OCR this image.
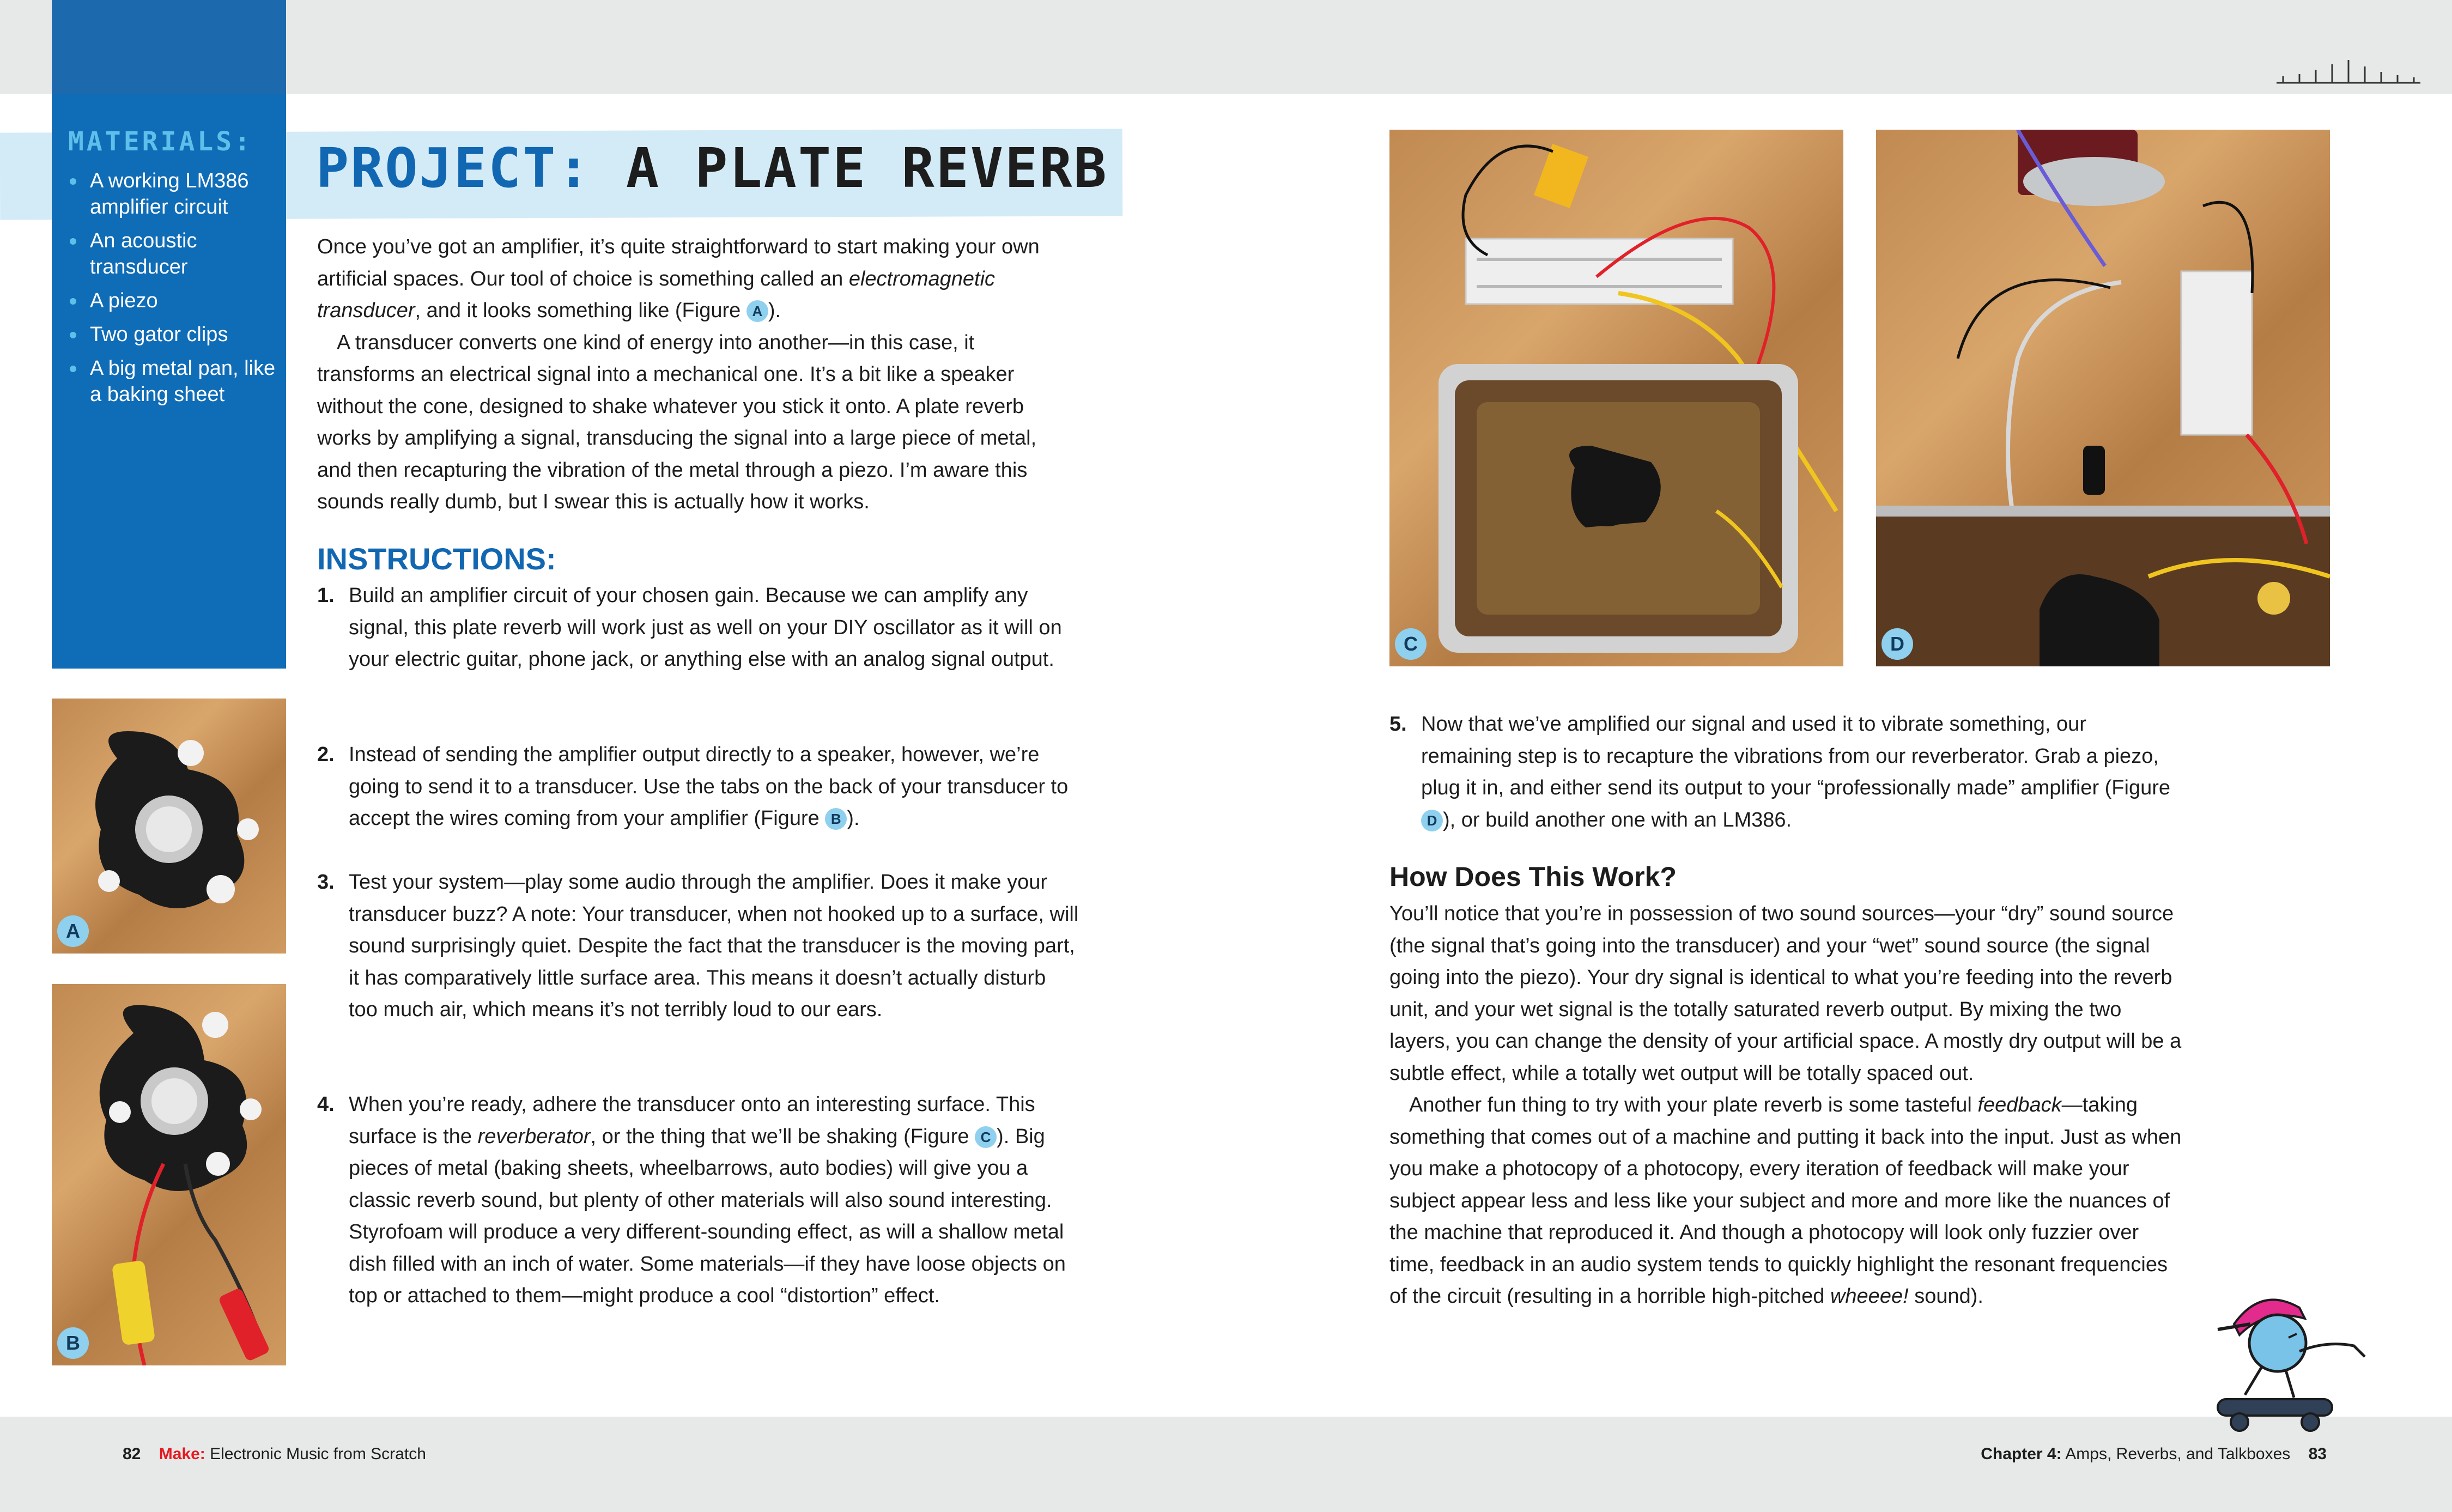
MATERIALS:
A working LM386 amplifier circuit
An acoustic transducer
A piezo
Two gator clips
A big metal pan, like a baking sheet
PROJECT: A PLATE REVERB

Once you’ve got an amplifier, it’s quite straightforward to start making your own artificial spaces. Our tool of choice is something called an electromagnetic transducer, and it looks something like (Figure A ).

A transducer converts one kind of energy into another—in this case, it transforms an electrical signal into a mechanical one. It’s a bit like a speaker without the cone, designed to shake whatever you stick it onto. A plate reverb works by amplifying a signal, transducing the signal into a large piece of metal, and then recapturing the vibration of the metal through a piezo. I’m aware this sounds really dumb, but I swear this is actually how it works.

INSTRUCTIONS:
1. Build an amplifier circuit of your chosen gain. Because we can amplify any signal, this plate reverb will work just as well on your DIY oscillator as it will on your electric guitar, phone jack, or anything else with an analog signal output.

2. Instead of sending the amplifier output directly to a speaker, however, we’re going to send it to a transducer. Use the tabs on the back of your transducer to accept the wires coming from your amplifier (Figure B ).

3. Test your system—play some audio through the amplifier. Does it make your transducer buzz? A note: Your transducer, when not hooked up to a surface, will sound surprisingly quiet. Despite the fact that the transducer is the moving part, it has comparatively little surface area. This means it doesn’t actually disturb too much air, which means it’s not terribly loud to our ears.

4. When you’re ready, adhere the transducer onto an interesting surface. This surface is the reverberator, or the thing that we’ll be shaking (Figure C ). Big pieces of metal (baking sheets, wheelbarrows, auto bodies) will give you a classic reverb sound, but plenty of other materials will also sound interesting. Styrofoam will produce a very different-sounding effect, as will a shallow metal dish filled with an inch of water. Some materials—if they have loose objects on top or attached to them—might produce a cool “distortion” effect.

5. Now that we’ve amplified our signal and used it to vibrate something, our remaining step is to recapture the vibrations from our reverberator. Grab a piezo, plug it in, and either send its output to your “professionally made” amplifier (Figure D ), or build another one with an LM386.

How Does This Work?

You’ll notice that you’re in possession of two sound sources—your “dry” sound source (the signal that’s going into the transducer) and your “wet” sound source (the signal going into the piezo). Your dry signal is identical to what you’re feeding into the reverb unit, and your wet signal is the totally saturated reverb output. By mixing the two layers, you can change the density of your artificial space. A mostly dry output will be a subtle effect, while a totally wet output will be totally spaced out.

Another fun thing to try with your plate reverb is some tasteful feedback—taking something that comes out of a machine and putting it back into the input. Just as when you make a photocopy of a photocopy, every iteration of feedback will make your subject appear less and less like your subject and more and more like the nuances of the machine that reproduced it. And though a photocopy will look only fuzzier over time, feedback in an audio system tends to quickly highlight the resonant frequencies of the circuit (resulting in a horrible high-pitched wheeee! sound).

A
B
C	D
82 Make: Electronic Music from Scratch	Chapter 4: Amps, Reverbs, and Talkboxes 83
